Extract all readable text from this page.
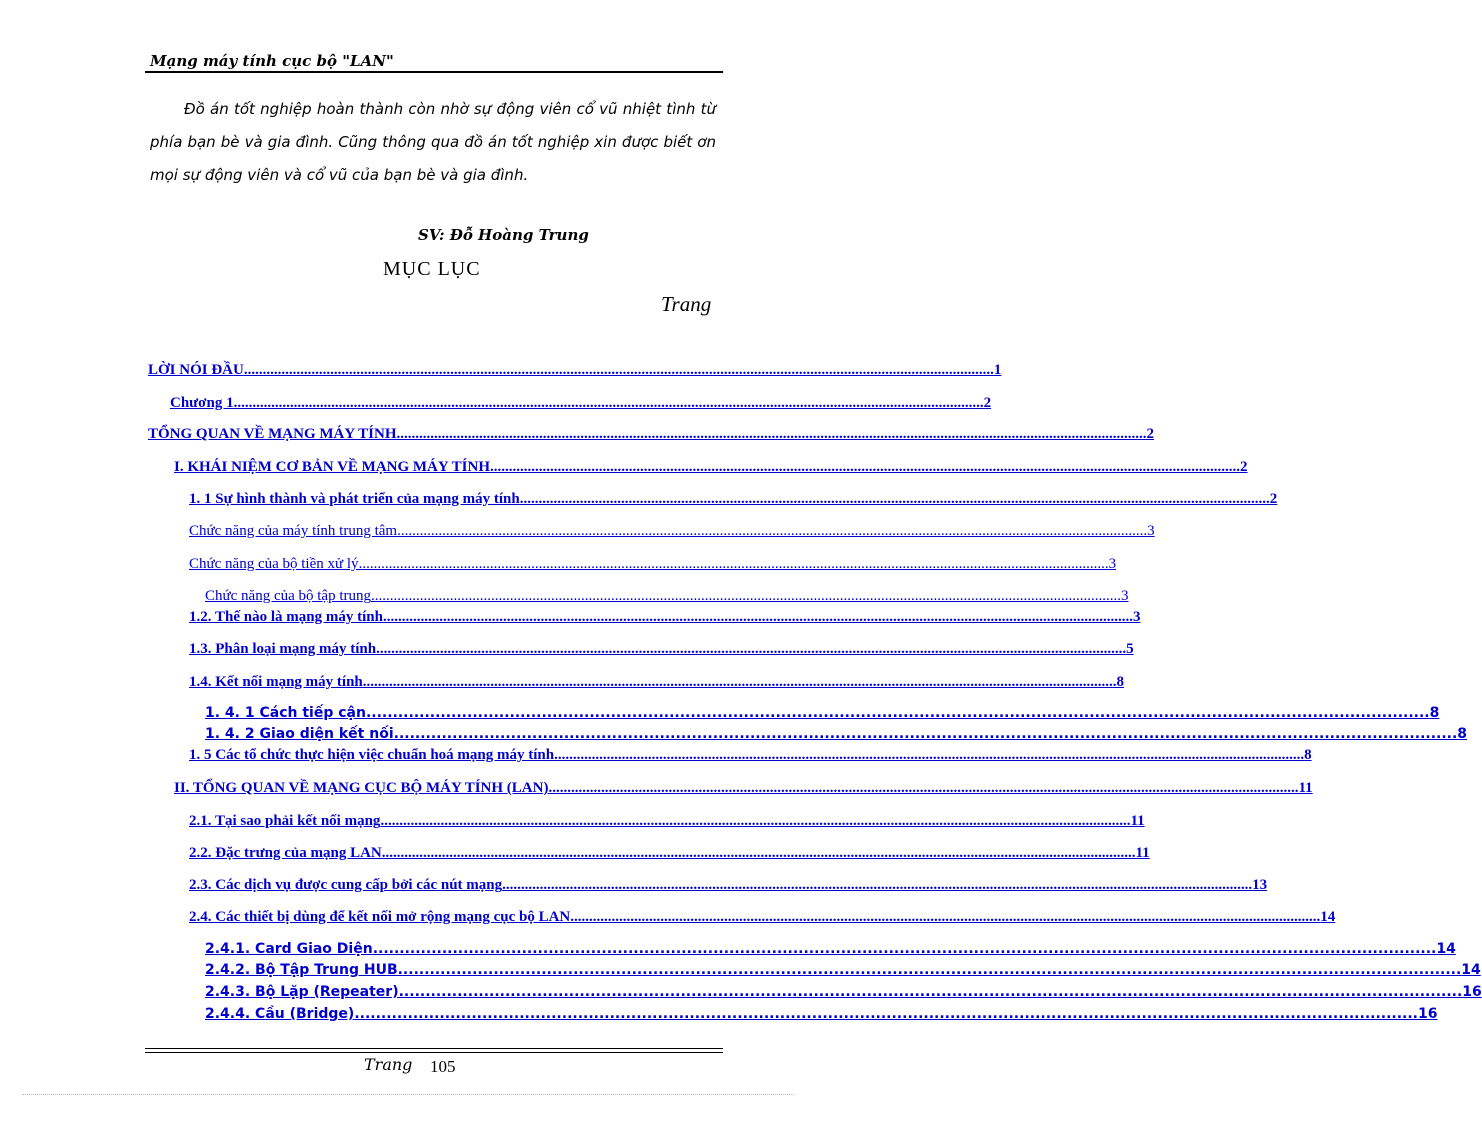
Mạng máy tính cục bộ "LAN"

Đồ án tốt nghiệp hoàn thành còn nhờ sự động viên cổ vũ nhiệt tình từ phía bạn bè và gia đình. Cũng thông qua đồ án tốt nghiệp xin được biết ơn mọi sự động viên và cổ vũ của bạn bè và gia đình.

SV: Đỗ Hoàng Trung
MỤC LỤC
Trang
LỜI NÓI ĐẦU ........................................................................................................................................................................................................ 1
Chương 1 ........................................................................................................................................................................................................ 2
TỔNG QUAN VỀ MẠNG MÁY TÍNH ........................................................................................................................................................................................................ 2
I. KHÁI NIỆM CƠ BẢN VỀ MẠNG MÁY TÍNH ........................................................................................................................................................................................................ 2
1. 1 Sự hình thành và phát triển của mạng máy tính ........................................................................................................................................................................................................ 2
Chức năng của máy tính trung tâm ........................................................................................................................................................................................................ 3
Chức năng của bộ tiền xử lý ........................................................................................................................................................................................................ 3
Chức năng của bộ tập trung ........................................................................................................................................................................................................ 3
1.2. Thế nào là mạng máy tính ........................................................................................................................................................................................................ 3
1.3. Phân loại mạng máy tính ........................................................................................................................................................................................................ 5
1.4. Kết nối mạng máy tính. ........................................................................................................................................................................................................ 8
1. 4. 1 Cách tiếp cận ........................................................................................................................................................................................................ 8
1. 4. 2 Giao diện kết nối ........................................................................................................................................................................................................ 8
1. 5 Các tổ chức thực hiện việc chuẩn hoá mạng máy tính ........................................................................................................................................................................................................ 8
II. TỔNG QUAN VỀ MẠNG CỤC BỘ MÁY TÍNH (LAN) ........................................................................................................................................................................................................ 11
2.1. Tại sao phải kết nối mạng ........................................................................................................................................................................................................ 11
2.2. Đặc trưng của mạng LAN. ........................................................................................................................................................................................................ 11
2.3. Các dịch vụ được cung cấp bởi các nút mạng ........................................................................................................................................................................................................ 13
2.4. Các thiết bị dùng để kết nối mở rộng mạng cục bộ LAN ........................................................................................................................................................................................................ 14
2.4.1. Card Giao Diện ........................................................................................................................................................................................................ 14
2.4.2. Bộ Tập Trung HUB ........................................................................................................................................................................................................ 14
2.4.3. Bộ Lặp (Repeater) ........................................................................................................................................................................................................ 16
2.4.4. Cầu (Bridge) ........................................................................................................................................................................................................ 16
Trang 105
